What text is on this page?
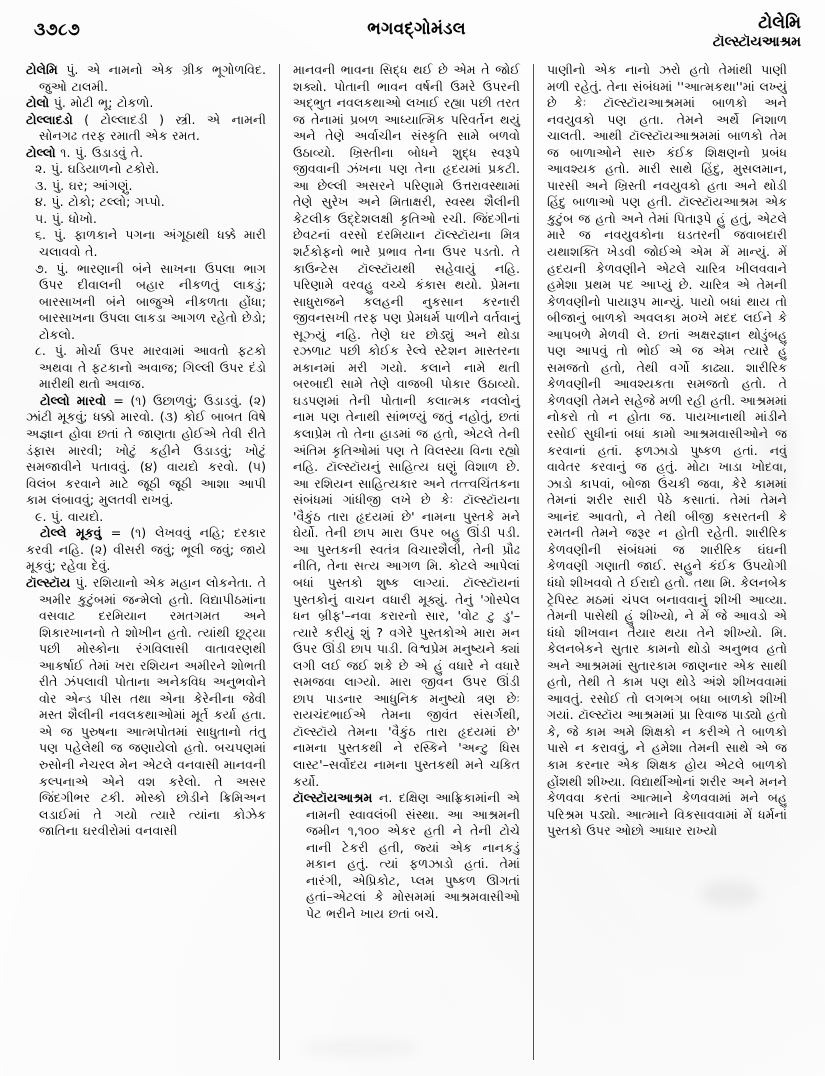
૩૭૮૭	ભગવદ્ગોમંડલ	ટોલેમિ
ટૉલ્સ્ટૉયઆશ્રમ

ટોલેમિ પું. એ નામનો એક ગ્રીક ભૂગોળવિદ. જુઓ ટાલમી.

ટોલો પું. મોટી ભૂ; ટોકળો.

ટોલ્લાદડો ( ટોલ્લાદડી ) સ્ત્રી. એ નામની સોનગઢ તરફ રમાતી એક રમત.

ટોલ્લો ૧. પું. ઉડાડવું તે.

૨. પું. ઘડિયાળનો ટકોરો.

૩. પું. ઘર; આંગણું.

૪. પું. ટોકો; ટલ્લો; ગપ્પો.

૫. પું. ધોખો.

૬. પું. ફાળકાને પગના અંગૂઠાથી ધક્કે મારી ચલાવવો તે.

૭. પું. ભારણાની બંને સાખના ઉપલા ભાગ ઉપર દીવાલની બહાર નીકળતું લાકડું; બારસાખની બંને બાજુએ નીકળતા હોંધા; બારસાખના ઉપલા લાકડા આગળ રહેતો છેડો; ટોકલો.

૮. પું. મોર્ચા ઉપર મારવામાં આવતો ફટકો અથવા તે ફટકાનો અવાજ; ગિલ્લી ઉપર દંડો મારીથી થતો અવાજ.

ટોલ્લો મારવો = (૧) ઉછાળવું; ઉડાડવું. (૨) ઝાંટી મૂકવું; ધક્કો મારવો. (૩) કોઈ બાબત વિષે અજ્ઞાન હોવા છતાં તે જાણતા હોઈએ તેવી રીતે ડંફાસ મારવી; ખોટું કહીને ઉડાડવું; ખોટું સમજાવીને પતાવવું. (૪) વાયદો કરવો. (૫) વિલંબ કરવાને માટે જૂઠી જૂઠી આશા આપી કામ લંબાવવું; મુલતવી રાખવું.

૯. પું. વાયદો.

ટોલ્લે મૂકવું = (૧) લેખવવું નહિ; દરકાર કરવી નહિ. (૨) વીસરી જવું; ભૂલી જવું; જાયે મૂકવું; રહેવા દેવું.

ટૉલ્સ્ટૉય પું. રશિયાનો એક મહાન લોકનેતા. તે અમીર કુટુંબમાં જન્મેલો હતો. વિદ્યાપીઠમાંના વસવાટ દરમિયાન રમતગમત અને શિકારખાનનો તે શોખીન હતો. ત્યાંથી છૂટ્યા પછી મોસ્કોના રંગવિલાસી વાતાવરણથી આકર્ષાઈ તેમાં ખરા રશિયન અમીરને શોભતી રીતે ઝંપલાવી પોતાના અનેકવિધ અનુભવોને વોર એન્ડ પીસ તથા એના કેરેનીના જેવી મસ્ત શૈલીની નવલકથાઓમાં મૂર્ત કર્યા હતા. એ જ પુરુષના આત્મપોતમાં સાધુતાનો તંતુ પણ પહેલેથી જ જણાયેલો હતો. બચપણમાં રુસોની નેચરલ મેન એટલે વનવાસી માનવની કલ્પનાએ એને વશ કરેલો. તે અસર જિંદગીભર ટકી. મોસ્કો છોડીને ક્રિમિઅન લડાઈમાં તે ગયો ત્યારે ત્યાંના કોઝેક જાતિના ઘરવીરોમાં વનવાસી

માનવની ભાવના સિદ્ધ થઈ છે એમ તે જોઈ શક્યો. પોતાની ભાવન વર્ષની ઉમરે ઉપરની અદ્ભુત નવલકથાઓ લખાઈ રહ્યા પછી તરત જ તેનામાં પ્રબળ આધ્યાત્મિક પરિવર્તન થયું અને તેણે અર્વાચીન સંસ્કૃતિ સામે બળવો ઉઠાવ્યો. ખ્રિસ્તીના બોધને શુદ્ધ સ્વરૂપે જીવવાની ઝંખના પણ તેના હૃદયમાં પ્રકટી. આ છેલ્લી અસરને પરિણામે ઉત્તરાવસ્થામાં તેણે સુરેખ અને મિતાક્ષરી, સ્વસ્થ શૈલીની કેટલીક ઉદ્દેશલક્ષી કૃતિઓ રચી. જિંદગીનાં છેવટનાં વરસો દરમિયાન ટૉલ્સ્ટૉયના મિત્ર શર્ટકોફનો ભારે પ્રભાવ તેના ઉપર પડતો. તે કાઉન્ટેસ ટૉલ્સ્ટૉયથી સહેવાયું નહિ. પરિણામે વરવહુ વચ્ચે કંકાસ થયો. પ્રેમના સાધુરાજને કલહની નુકસાન કરનારી જીવનસખી તરફ પણ પ્રેમધર્મ પાળીને વર્તવાનું સૂઝ્યું નહિ. તેણે ઘર છોડ્યું અને થોડા રઝળાટ પછી કોઈક રેલ્વે સ્ટેશન માસ્તરના મકાનમાં મરી ગયો. કલાને નામે થતી બરબાદી સામે તેણે વાજબી પોકાર ઉઠાવ્યો. ઘડપણમાં તેની પોતાની કલાત્મક નવલોનું નામ પણ તેનાથી સાંભળ્યું જતું નહોતું, છતાં કલાપ્રેમ તો તેના હાડમાં જ હતો, એટલે તેની અંતિમ કૃતિઓમાં પણ તે વિલસ્યા વિના રહ્યો નહિ. ટૉલ્સ્ટૉયનું સાહિત્ય ઘણું વિશાળ છે. આ રશિયન સાહિત્યકાર અને તત્ત્વચિંતકના સંબંધમાં ગાંધીજી લખે છે કેઃ ટૉલ્સ્ટૉયના 'વૈકુંઠ તારા હૃદયમાં છે' નામના પુસ્તકે મને ઘેર્યો. તેની છાપ મારા ઉપર બહુ ઊંડી પડી. આ પુસ્તકની સ્વતંત્ર વિચારશૈલી, તેની પ્રૌઢ નીતિ, તેના સત્ય આગળ મિ. કોટલે આપેલાં બધાં પુસ્તકો શુષ્ક લાગ્યાં. ટૉલ્સ્ટૉયનાં પુસ્તકોનું વાચન વધારી મૂક્યું. તેનું 'ગોસ્પેલ ધન બ્રીફ'–નવા કરારનો સાર, 'વોટ ટુ ડુ'–ત્યારે કરીયું શું ? વગેરે પુસ્તકોએ મારા મન ઉપર ઊંડી છાપ પાડી. વિશ્વપ્રેમ મનુષ્યને ક્યાં લગી લઈ જઈ શકે છે એ હું વધારે ને વધારે સમજવા લાગ્યો. મારા જીવન ઉપર ઊંડી છાપ પાડનાર આધુનિક મનુષ્યો ત્રણ છેઃ રાયચંદભાઈએ તેમના જીવંત સંસર્ગથી, ટૉલ્સ્ટૉયે તેમના 'વૈકુંઠ તારા હૃદયમાં છે' નામના પુસ્તકથી ને રસ્કિને 'અન્ટુ ધિસ લાસ્ટ'–સર્વોદય નામના પુસ્તકથી મને ચકિત કર્યો.

ટૉલ્સ્ટૉયઆશ્રમ ન. દક્ષિણ આફ્રિકામાંની એ નામની સ્વાવલંબી સંસ્થા. આ આશ્રમની જમીન ૧,૧૦૦ એકર હતી ને તેની ટોચે નાની ટેકરી હતી, જ્યાં એક નાનકડું મકાન હતું. ત્યાં ફળઝાડો હતાં. તેમાં નારંગી, એપ્રિકોટ, પ્લમ પુષ્કળ ઊગતાં હતાં–એટલાં કે મોસમમાં આશ્રમવાસીઓ પેટ ભરીને ખાય છતાં બચે.

પાણીનો એક નાનો ઝરો હતો તેમાંથી પાણી મળી રહેતું. તેના સંબંધમાં ''આત્મકથા''માં લખ્યું છે કેઃ ટૉલ્સ્ટૉયઆશ્રમમાં બાળકો અને નવયુવકો પણ હતા. તેમને અર્થે નિશાળ ચાલતી. આથી ટૉલ્સ્ટૉયઆશ્રમમાં બાળકો તેમ જ બાળાઓને સારુ કંઈક શિક્ષણનો પ્રબંધ આવશ્યક હતો. મારી સાથે હિંદુ, મુસલમાન, પારસી અને ખ્રિસ્તી નવયુવકો હતા અને થોડી હિંદુ બાળાઓ પણ હતી. ટૉલ્સ્ટૉયઆશ્રમ એક કુટુંબ જ હતો અને તેમાં પિતારૂપે હું હતું, એટલે મારે જ નવયુવકોના ઘડતરની જવાબદારી યથાશક્તિ ખેડવી જોઈએ એમ મેં માન્યું. મેં હદયની કેળવણીને એટલે ચારિત્ર ખીલવવાને હમેશા પ્રથમ પદ આપ્યું છે. ચારિત્ર એ તેમની કેળવણીનો પાયારૂપ માન્યું. પાયો બધાં થાય તો બીજાનું બાળકો અવલકા મ૦ખે મદદ લઈને કે આપબળે મેળવી લે. છતાં અક્ષરજ્ઞાન થોડુંબહુ પણ આપવું તો ભોઈ એ જ એમ ત્યારે હું સમજતો હતો, તેથી વર્ગો કાઢ્યા. શારીરિક કેળવણીની આવશ્યકતા સમજતો હતો. તે કેળવણી તેમને સહેજે મળી રહી હતી. આશ્રમમાં નોકરો તો ન હોતા જ. પાયખાનાથી માંડીને રસોઈ સુધીનાં બધાં કામો આશ્રમવાસીઓને જ કરવાનાં હતાં. ફળઝાડો પુષ્કળ હતાં. નવું વાવેતર કરવાનું જ હતું. મોટા ખાડા ખોદવા, ઝાડો કાપવાં, બોજા ઉંચકી જવા, કેરે કામમાં તેમનાં શરીર સારી પેઠે કસાતાં. તેમાં તેમને આનંદ આવતો, ને તેથી બીજી કસરતની કે રમતની તેમને જરૂર ન હોતી રહેતી. શારીરિક કેળવણીની સંબંધમાં જ શારીરિક ઘંઘની કેળવણી ગણાતી જાઈ. સહુને કંઈક ઉપયોગી ધંધો શીખવવો તે ઈરાદો હતો. તથા મિ. કેલનબેક ટ્રેપિસ્ટ મઠમાં ચંપલ બનાવવાનું શીખી આવ્યા. તેમની પાસેથી હું શીખ્યો, ને મેં જે આવડો એ ધંધો શીખવાન તૈયાર થયા તેને શીખ્યો. મિ. કેલનબેકને સુતાર કામનો થોડો અનુભવ હતો અને આશ્રમમાં સુતારકામ જાણનાર એક સાથી હતો, તેથી તે કામ પણ થોડે અંશે શીખવવામાં આવતું. રસોઈ તો લગભગ બધા બાળકો શીખી ગયાં. ટૉલ્સ્ટૉય આશ્રમમાં પ્રા રિવાજ પાડ્યો હતો કે, જે કામ અમે શિક્ષકો ન કરીએ તે બાળકો પાસે ન કરાવવું, ને હમેશા તેમની સાથે એ જ કામ કરનાર એક શિક્ષક હોય એટલે બાળકો હોંશથી શીખ્યા. વિદ્યાર્થીઓનાં શરીર અને મનને કેળવવા કરતાં આત્માને કેળવવામાં મને બહુ પરિશ્રમ પડ્યો. આત્માને વિકસાવવામાં મેં ધર્મનાં પુસ્તકો ઉપર ઓછો આધાર રાખ્યો
